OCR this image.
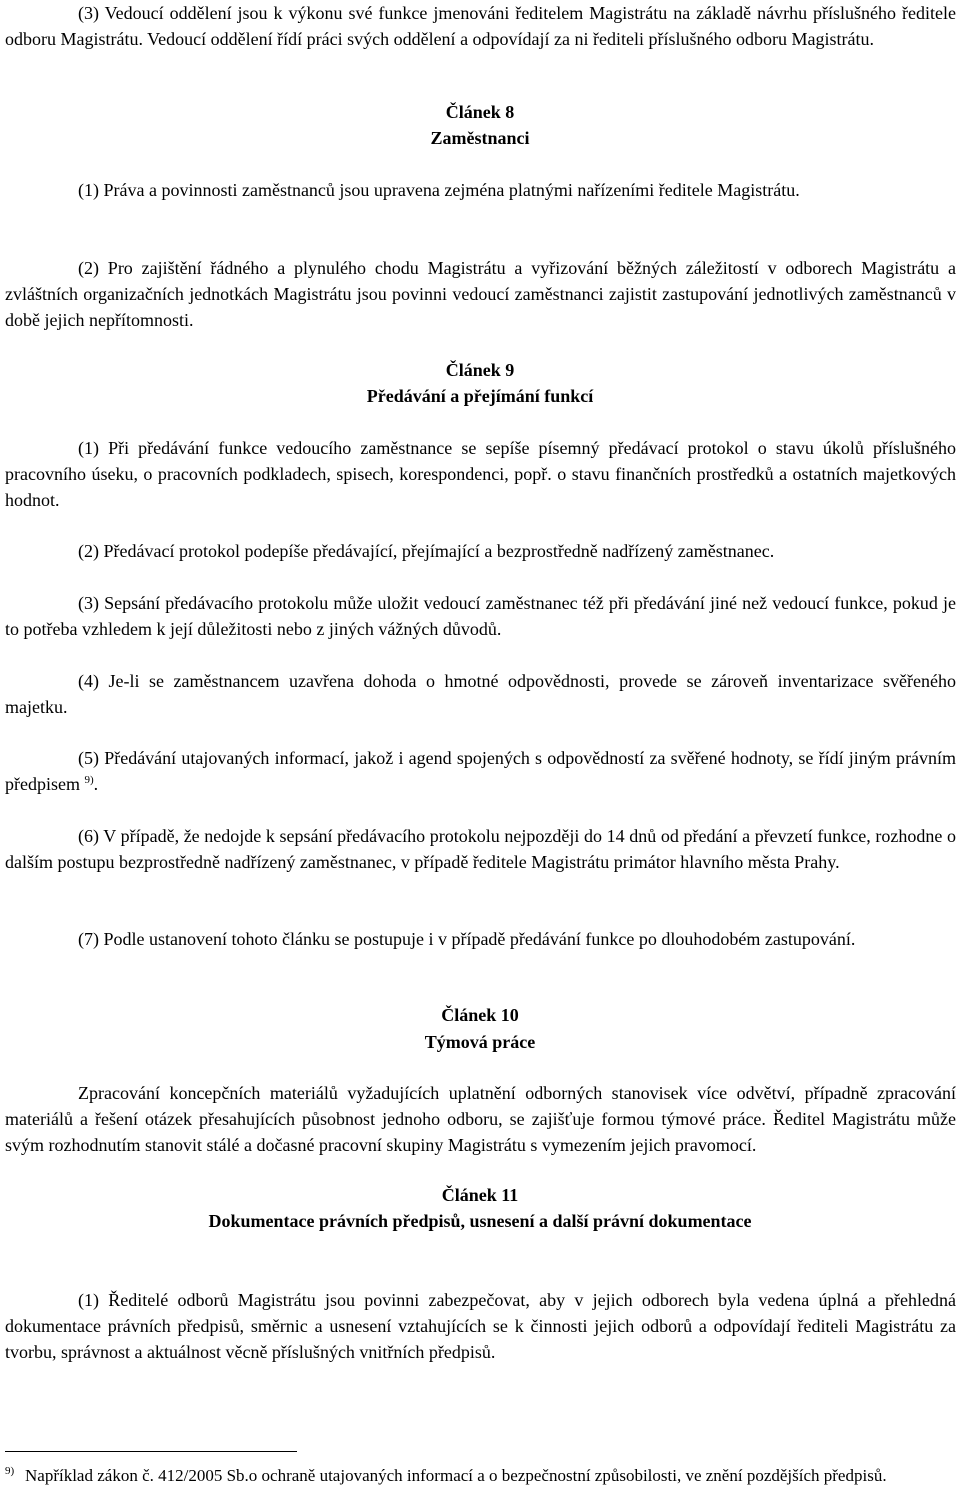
(3) Vedoucí oddělení jsou k výkonu své funkce jmenováni ředitelem Magistrátu na základě návrhu příslušného ředitele odboru Magistrátu. Vedoucí oddělení řídí práci svých oddělení a odpovídají za ni řediteli příslušného odboru Magistrátu.

Článek 8

Zaměstnanci

(1) Práva a povinnosti zaměstnanců jsou upravena zejména platnými nařízeními ředitele Magistrátu.

(2) Pro zajištění řádného a plynulého chodu Magistrátu a vyřizování běžných záležitostí v odborech Magistrátu a zvláštních organizačních jednotkách Magistrátu jsou povinni vedoucí zaměstnanci zajistit zastupování jednotlivých zaměstnanců v době jejich nepřítomnosti.

Článek 9

Předávání a přejímání funkcí

(1) Při předávání funkce vedoucího zaměstnance se sepíše písemný předávací protokol o stavu úkolů příslušného pracovního úseku, o pracovních podkladech, spisech, korespondenci, popř. o stavu finančních prostředků a ostatních majetkových hodnot.

(2) Předávací protokol podepíše předávající, přejímající a bezprostředně nadřízený zaměstnanec.

(3) Sepsání předávacího protokolu může uložit vedoucí zaměstnanec též při předávání jiné než vedoucí funkce, pokud je to potřeba vzhledem k její důležitosti nebo z jiných vážných důvodů.

(4) Je-li se zaměstnancem uzavřena dohoda o hmotné odpovědnosti, provede se zároveň inventarizace svěřeného majetku.

(5) Předávání utajovaných informací, jakož i agend spojených s odpovědností za svěřené hodnoty, se řídí jiným právním předpisem $^{9)}$.

(6) V případě, že nedojde k sepsání předávacího protokolu nejpozději do 14 dnů od předání a převzetí funkce, rozhodne o dalším postupu bezprostředně nadřízený zaměstnanec, v případě ředitele Magistrátu primátor hlavního města Prahy.

(7) Podle ustanovení tohoto článku se postupuje i v případě předávání funkce po dlouhodobém zastupování.

Článek 10

Týmová práce

Zpracování koncepčních materiálů vyžadujících uplatnění odborných stanovisek více odvětví, případně zpracování materiálů a řešení otázek přesahujících působnost jednoho odboru, se zajišťuje formou týmové práce. Ředitel Magistrátu může svým rozhodnutím stanovit stálé a dočasné pracovní skupiny Magistrátu s vymezením jejich pravomocí.

Článek 11

Dokumentace právních předpisů, usnesení a další právní dokumentace

(1) Ředitelé odborů Magistrátu jsou povinni zabezpečovat, aby v jejich odborech byla vedena úplná a přehledná dokumentace právních předpisů, směrnic a usnesení vztahujících se k činnosti jejich odborů a odpovídají řediteli Magistrátu za tvorbu, správnost a aktuálnost věcně příslušných vnitřních předpisů.

9) Například zákon č. 412/2005 Sb.o ochraně utajovaných informací a o bezpečnostní způsobilosti, ve znění pozdějších předpisů.
